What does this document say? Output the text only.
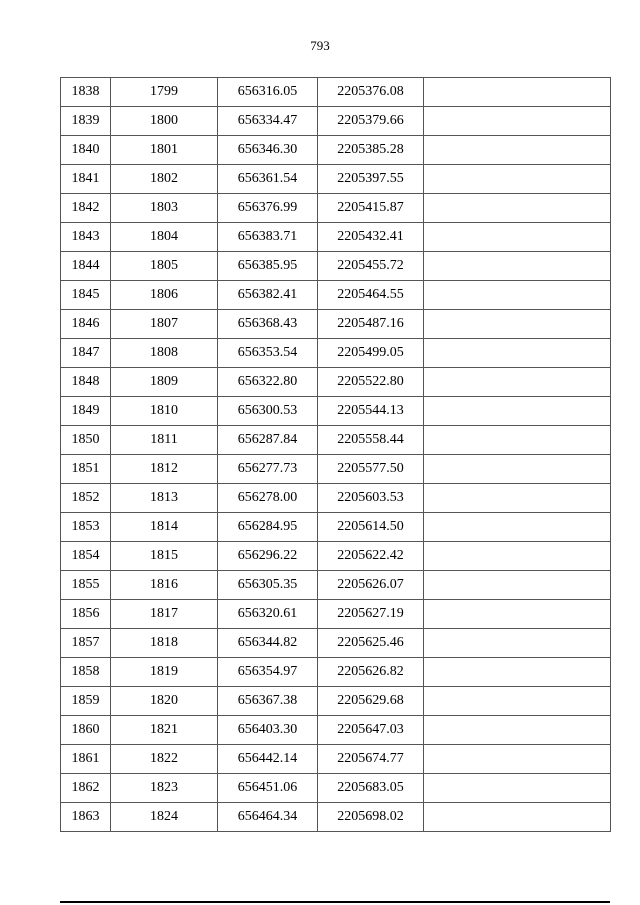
793
1838	1799	656316.05	2205376.08	
1839	1800	656334.47	2205379.66	
1840	1801	656346.30	2205385.28	
1841	1802	656361.54	2205397.55	
1842	1803	656376.99	2205415.87	
1843	1804	656383.71	2205432.41	
1844	1805	656385.95	2205455.72	
1845	1806	656382.41	2205464.55	
1846	1807	656368.43	2205487.16	
1847	1808	656353.54	2205499.05	
1848	1809	656322.80	2205522.80	
1849	1810	656300.53	2205544.13	
1850	1811	656287.84	2205558.44	
1851	1812	656277.73	2205577.50	
1852	1813	656278.00	2205603.53	
1853	1814	656284.95	2205614.50	
1854	1815	656296.22	2205622.42	
1855	1816	656305.35	2205626.07	
1856	1817	656320.61	2205627.19	
1857	1818	656344.82	2205625.46	
1858	1819	656354.97	2205626.82	
1859	1820	656367.38	2205629.68	
1860	1821	656403.30	2205647.03	
1861	1822	656442.14	2205674.77	
1862	1823	656451.06	2205683.05	
1863	1824	656464.34	2205698.02	
